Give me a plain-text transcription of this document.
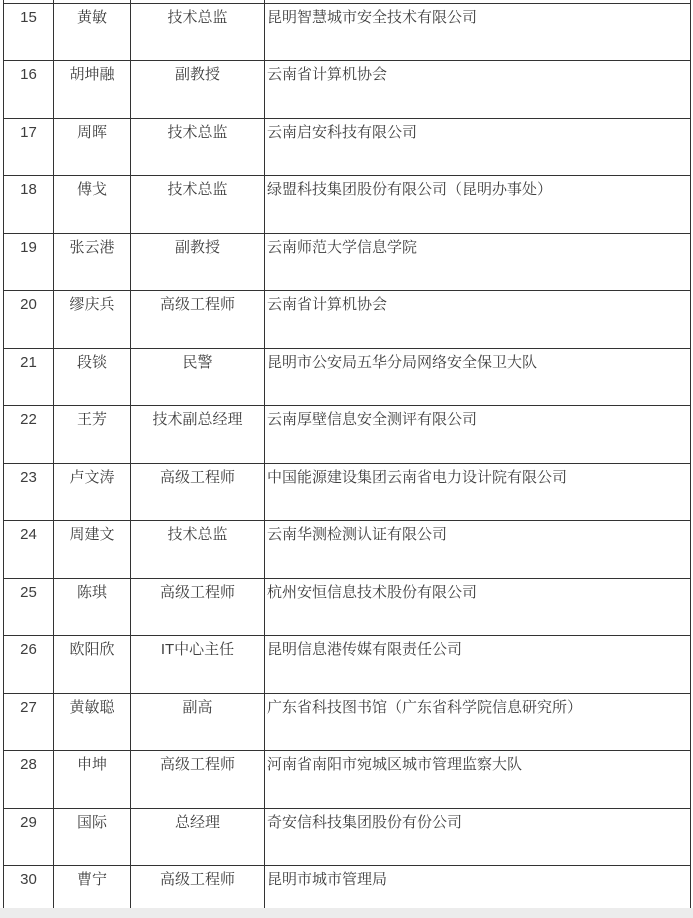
15	黄敏	技术总监	昆明智慧城市安全技术有限公司
16	胡坤融	副教授	云南省计算机协会
17	周晖	技术总监	云南启安科技有限公司
18	傅戈	技术总监	绿盟科技集团股份有限公司（昆明办事处）
19	张云港	副教授	云南师范大学信息学院
20	缪庆兵	高级工程师	云南省计算机协会
21	段锬	民警	昆明市公安局五华分局网络安全保卫大队
22	王芳	技术副总经理	云南厚壁信息安全测评有限公司
23	卢文涛	高级工程师	中国能源建设集团云南省电力设计院有限公司
24	周建文	技术总监	云南华测检测认证有限公司
25	陈琪	高级工程师	杭州安恒信息技术股份有限公司
26	欧阳欣	IT中心主任	昆明信息港传媒有限责任公司
27	黄敏聪	副高	广东省科技图书馆（广东省科学院信息研究所）
28	申坤	高级工程师	河南省南阳市宛城区城市管理监察大队
29	国际	总经理	奇安信科技集团股份有份公司
30	曹宁	高级工程师	昆明市城市管理局
